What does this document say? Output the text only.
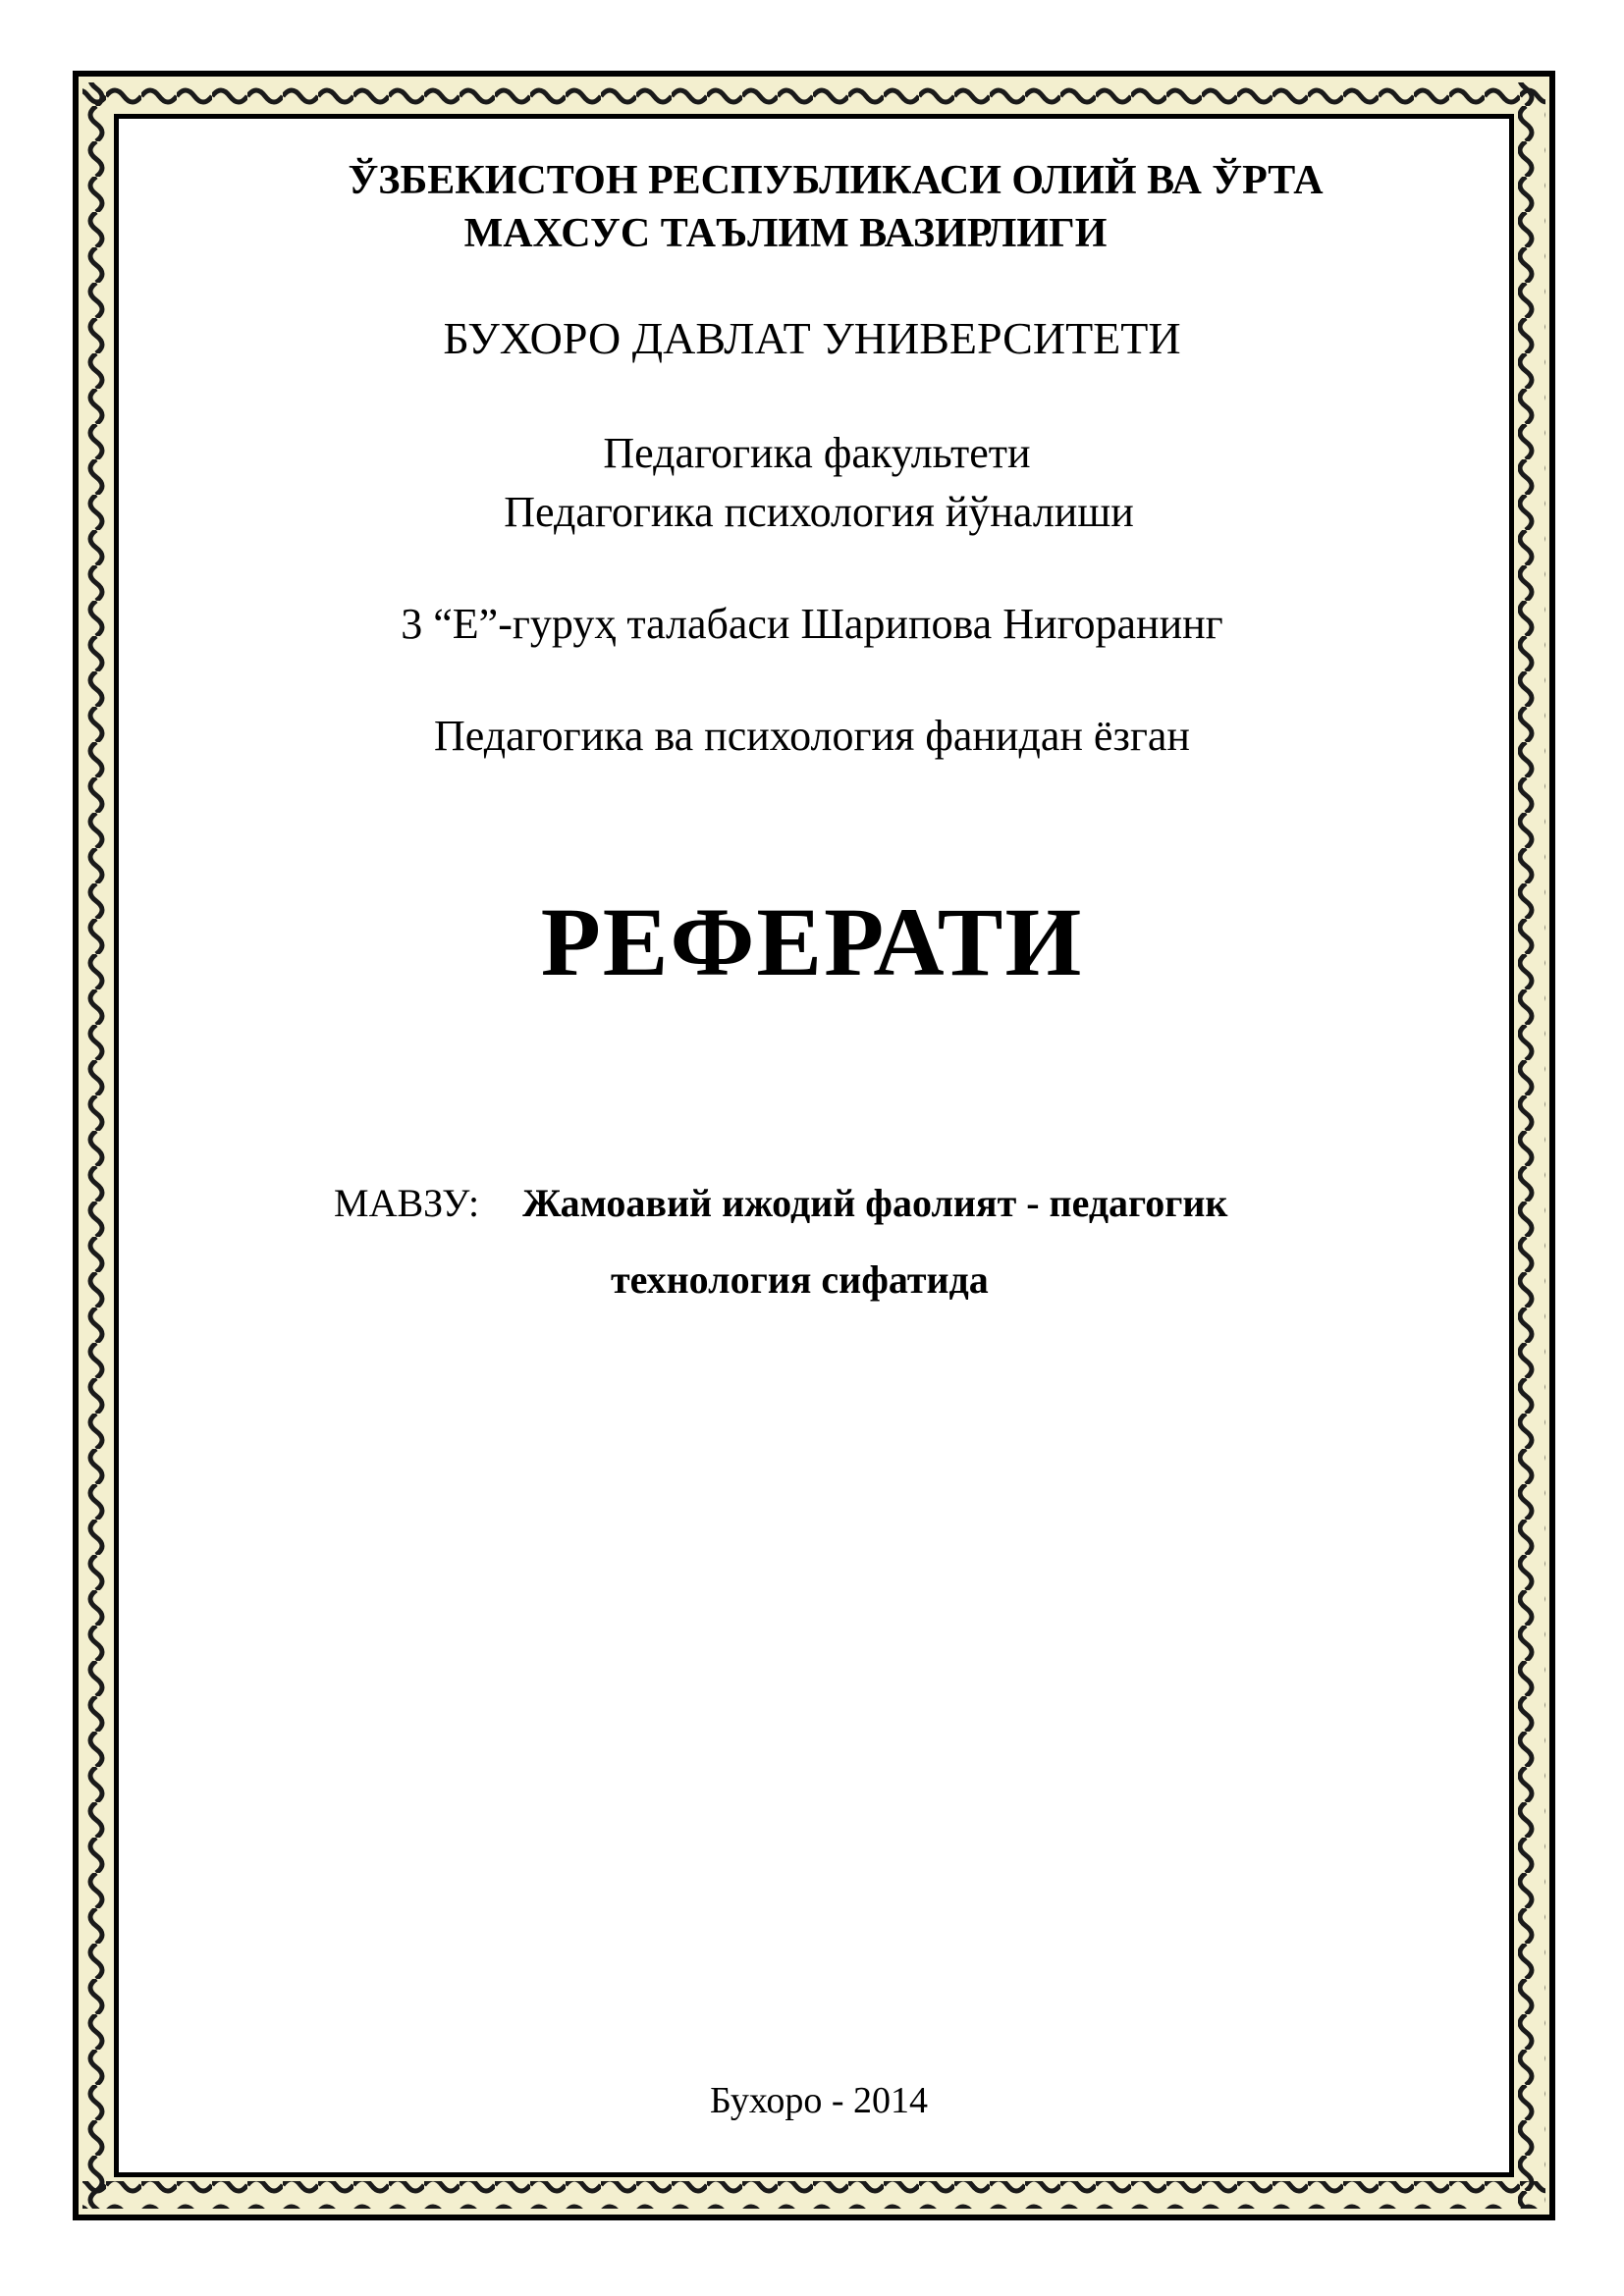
ЎЗБЕКИСТОН РЕСПУБЛИКАСИ ОЛИЙ ВА ЎРТА
МАХСУС ТАЪЛИМ ВАЗИРЛИГИ
БУХОРО ДАВЛАТ УНИВЕРСИТЕТИ
Педагогика факультети
Педагогика психология йўналиши
3 “Е”-гуруҳ талабаси Шарипова Нигоранинг
Педагогика ва психология фанидан ёзган
РЕФЕРАТИ
МАВЗУ: Жамоавий ижодий фаолият - педагогик
технология сифатида
Бухоро - 2014
